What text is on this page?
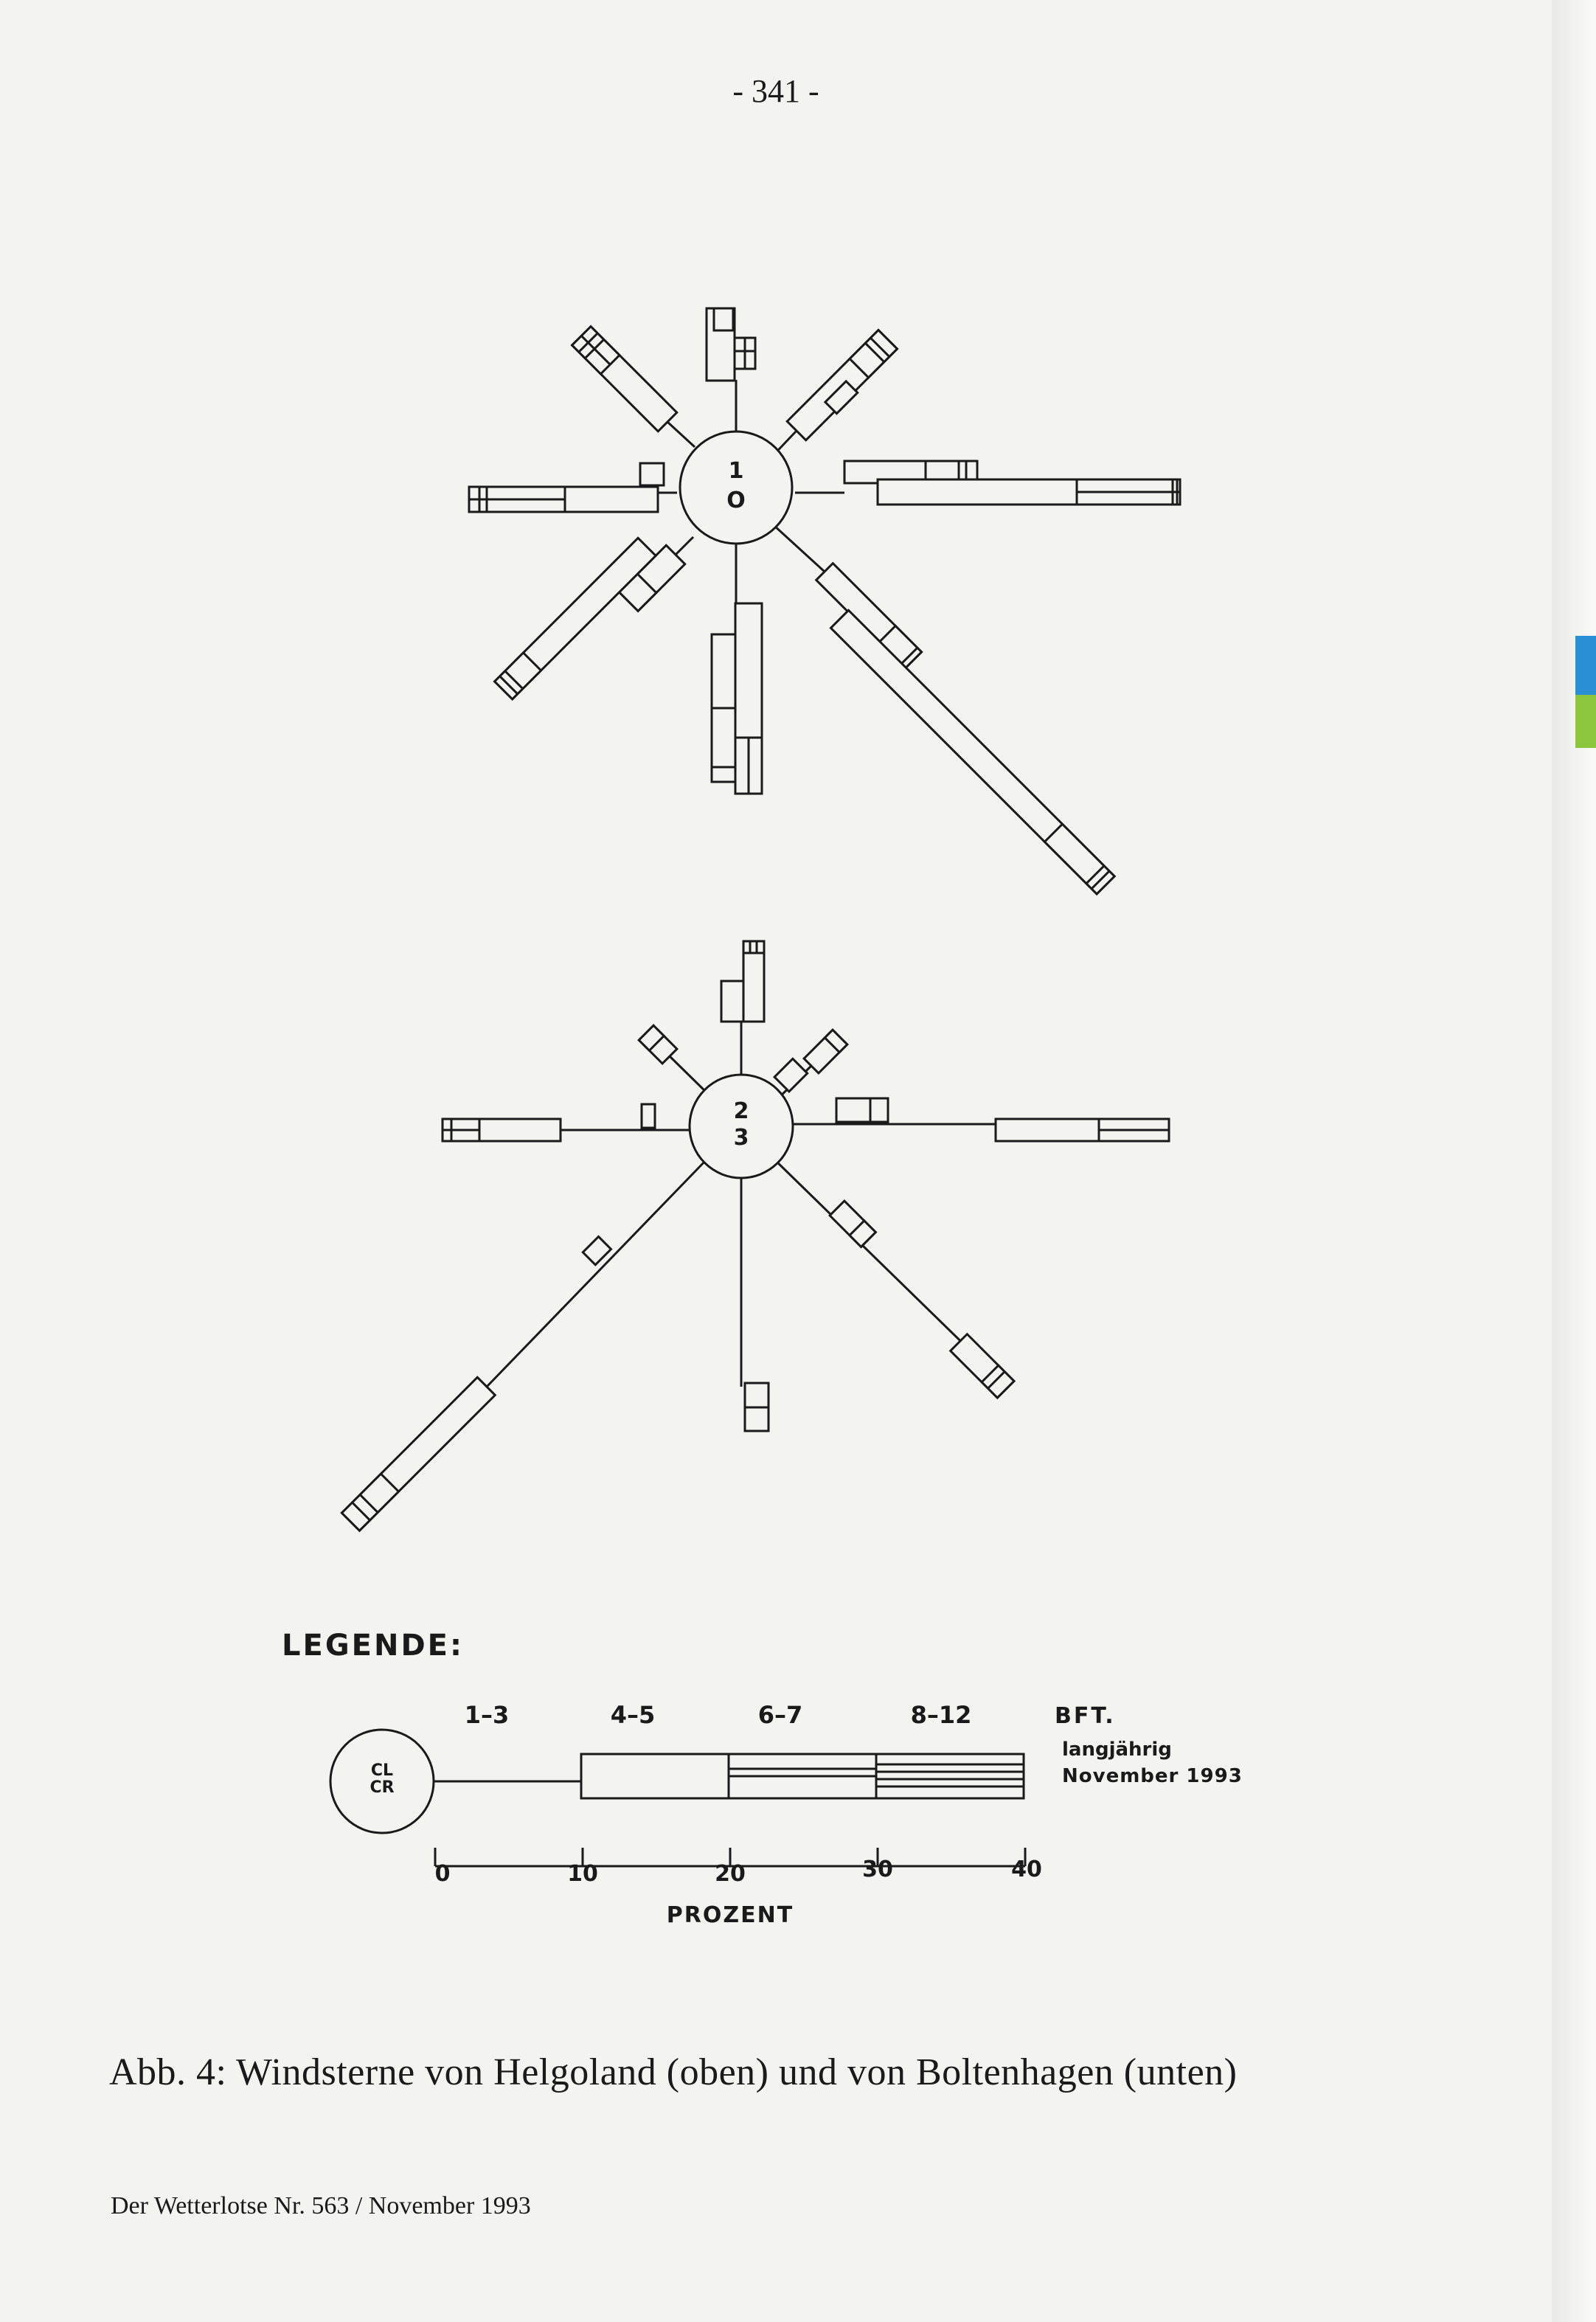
- 341 -
1
O
2
3
CL
CR
1–3	4–5	6–7	8–12	BFT.
langjährig
November 1993
0	10	20	30	40
PROZENT
LEGENDE:
Abb. 4: Windsterne von Helgoland (oben) und von Boltenhagen (unten)
Der Wetterlotse Nr. 563 / November 1993
